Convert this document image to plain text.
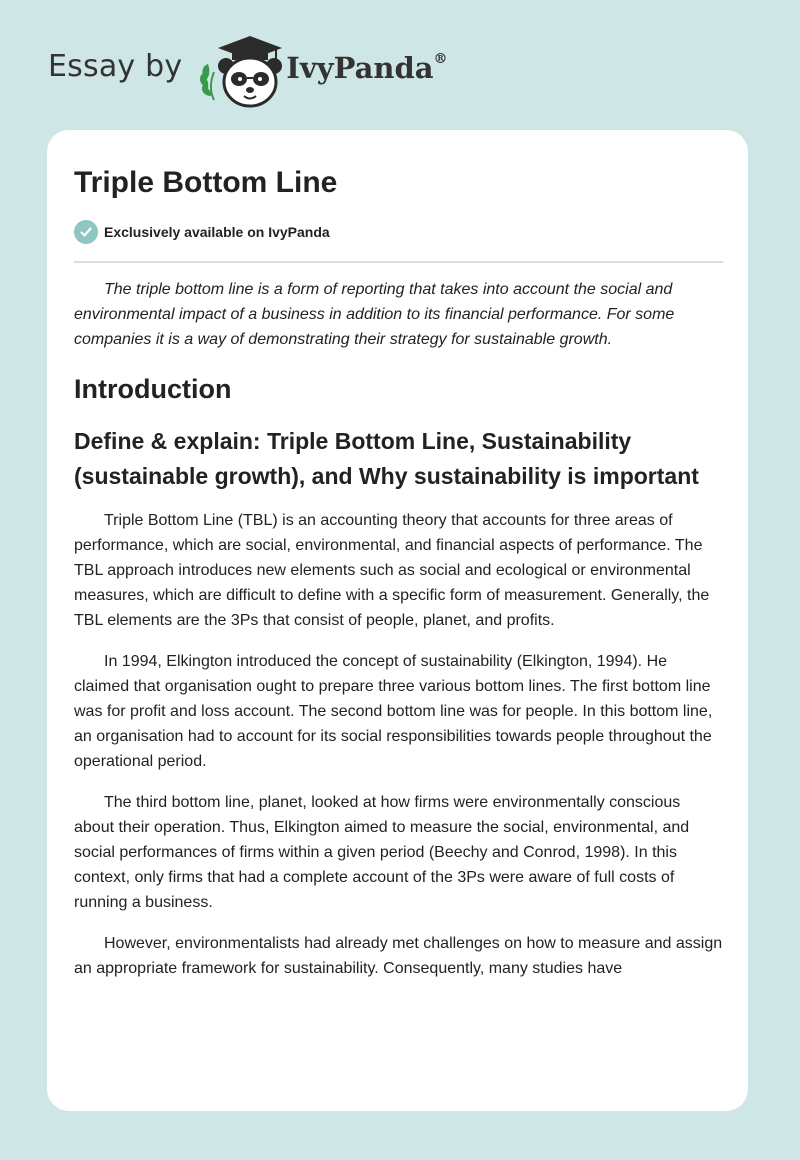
Essay by	IvyPanda®
Triple Bottom Line
Exclusively available on IvyPanda

The triple bottom line is a form of reporting that takes into account the social and environmental impact of a business in addition to its financial performance. For some companies it is a way of demonstrating their strategy for sustainable growth.

Introduction
Define & explain: Triple Bottom Line, Sustainability (sustainable growth), and Why sustainability is important

Triple Bottom Line (TBL) is an accounting theory that accounts for three areas of performance, which are social, environmental, and financial aspects of performance. The TBL approach introduces new elements such as social and ecological or environmental measures, which are difficult to define with a specific form of measurement. Generally, the TBL elements are the 3Ps that consist of people, planet, and profits.

In 1994, Elkington introduced the concept of sustainability (Elkington, 1994). He claimed that organisation ought to prepare three various bottom lines. The first bottom line was for profit and loss account. The second bottom line was for people. In this bottom line, an organisation had to account for its social responsibilities towards people throughout the operational period.

The third bottom line, planet, looked at how firms were environmentally conscious about their operation. Thus, Elkington aimed to measure the social, environmental, and social performances of firms within a given period (Beechy and Conrod, 1998). In this context, only firms that had a complete account of the 3Ps were aware of full costs of running a business.

However, environmentalists had already met challenges on how to measure and assign an appropriate framework for sustainability. Consequently, many studies have
